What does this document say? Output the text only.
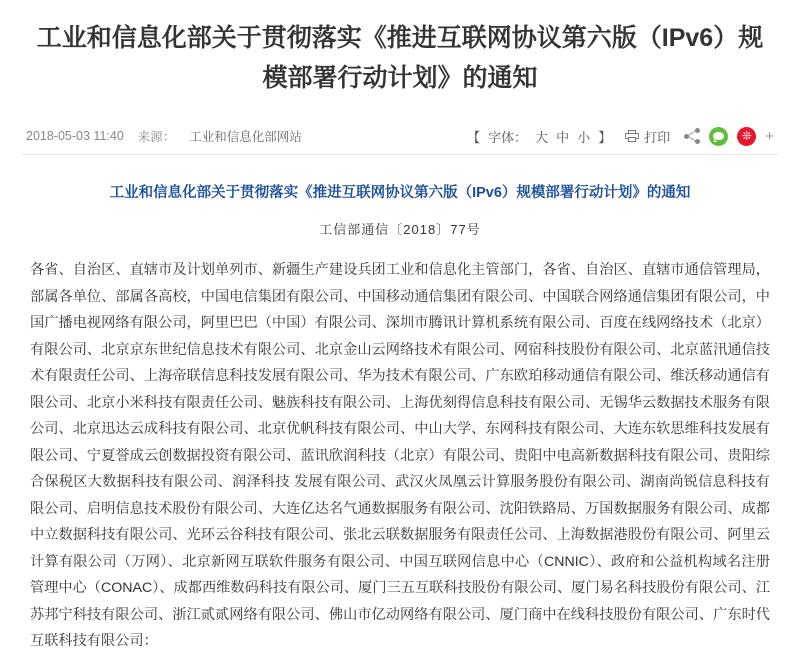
工业和信息化部关于贯彻落实《推进互联网协议第六版（IPv6）规模部署行动计划》的通知
2018-05-03 11:40 来源： 工业和信息化部网站	【 字体： 大 中 小 】	打印	❊ +

工业和信息化部关于贯彻落实《推进互联网协议第六版（IPv6）规模部署行动计划》的通知

工信部通信〔2018〕77号

各省、自治区、直辖市及计划单列市、新疆生产建设兵团工业和信息化主管部门，各省、自治区、直辖市通信管理局，部属各单位、部属各高校，中国电信集团有限公司、中国移动通信集团有限公司、中国联合网络通信集团有限公司，中国广播电视网络有限公司，阿里巴巴（中国）有限公司、深圳市腾讯计算机系统有限公司、百度在线网络技术（北京）有限公司、北京京东世纪信息技术有限公司、北京金山云网络技术有限公司、网宿科技股份有限公司、北京蓝汛通信技术有限责任公司、上海帝联信息科技发展有限公司、华为技术有限公司、广东欧珀移动通信有限公司、维沃移动通信有限公司、北京小米科技有限责任公司、魅族科技有限公司、上海优刻得信息科技有限公司、无锡华云数据技术服务有限公司、北京迅达云成科技有限公司、北京优帆科技有限公司、中山大学、东网科技有限公司、大连东软思维科技发展有限公司、宁夏誉成云创数据投资有限公司、蓝讯欣润科技（北京）有限公司、贵阳中电高新数据科技有限公司、贵阳综合保税区大数据科技有限公司、润泽科技 发展有限公司、武汉火凤凰云计算服务股份有限公司、湖南尚锐信息科技有限公司、启明信息技术股份有限公司、大连亿达名气通数据服务有限公司、沈阳铁路局、万国数据服务有限公司、成都中立数据科技有限公司、光环云谷科技有限公司、张北云联数据服务有限责任公司、上海数据港股份有限公司、阿里云计算有限公司（万网）、北京新网互联软件服务有限公司、中国互联网信息中心（CNNIC）、政府和公益机构域名注册管理中心（CONAC）、成都西维数码科技有限公司、厦门三五互联科技股份有限公司、厦门易名科技股份有限公司、江苏邦宁科技有限公司、浙江贰贰网络有限公司、佛山市亿动网络有限公司、厦门商中在线科技股份有限公司、广东时代互联科技有限公司：
